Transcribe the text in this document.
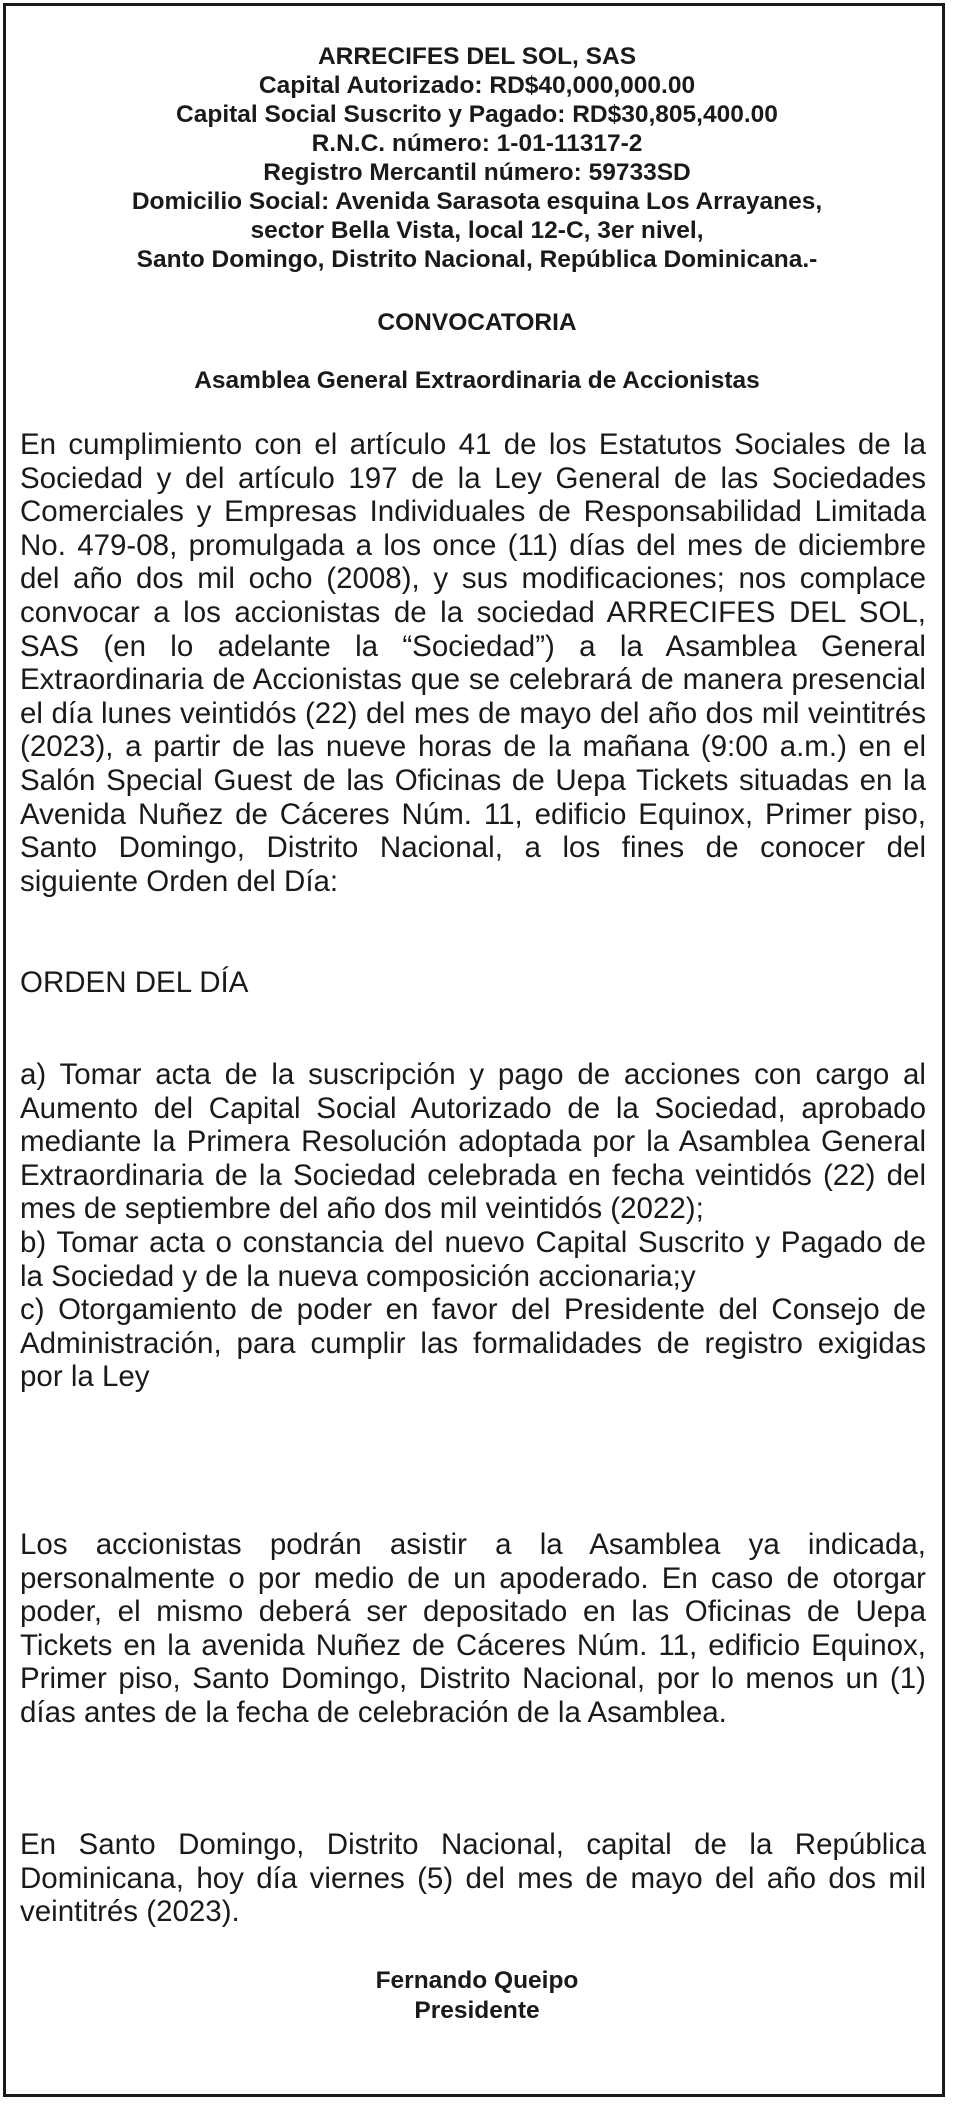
ARRECIFES DEL SOL, SAS
Capital Autorizado: RD$40,000,000.00
Capital Social Suscrito y Pagado: RD$30,805,400.00
R.N.C. número: 1-01-11317-2
Registro Mercantil número: 59733SD
Domicilio Social: Avenida Sarasota esquina Los Arrayanes,
sector Bella Vista, local 12-C, 3er nivel,
Santo Domingo, Distrito Nacional, República Dominicana.-
CONVOCATORIA
Asamblea General Extraordinaria de Accionistas

En cumplimiento con el artículo 41 de los Estatutos Sociales de la Sociedad y del artículo 197 de la Ley General de las Sociedades Comerciales y Empresas Individuales de Responsabilidad Limitada No. 479-08, promulgada a los once (11) días del mes de diciembre del año dos mil ocho (2008), y sus modificaciones; nos complace convocar a los accionistas de la sociedad ARRECIFES DEL SOL, SAS (en lo adelante la “Sociedad”) a la Asamblea General Extraordinaria de Accionistas que se celebrará de manera presencial el día lunes veintidós (22) del mes de mayo del año dos mil veintitrés (2023), a partir de las nueve horas de la mañana (9:00 a.m.) en el Salón Special Guest de las Oficinas de Uepa Tickets situadas en la Avenida Nuñez de Cáceres Núm. 11, edificio Equinox, Primer piso, Santo Domingo, Distrito Nacional, a los fines de conocer del siguiente Orden del Día:

ORDEN DEL DÍA

a) Tomar acta de la suscripción y pago de acciones con cargo al Aumento del Capital Social Autorizado de la Sociedad, aprobado mediante la Primera Resolución adoptada por la Asamblea General Extraordinaria de la Sociedad celebrada en fecha veintidós (22) del mes de septiembre del año dos mil veintidós (2022);
b) Tomar acta o constancia del nuevo Capital Suscrito y Pagado de la Sociedad y de la nueva composición accionaria;y
c) Otorgamiento de poder en favor del Presidente del Consejo de Administración, para cumplir las formalidades de registro exigidas por la Ley

Los accionistas podrán asistir a la Asamblea ya indicada, personalmente o por medio de un apoderado. En caso de otorgar poder, el mismo deberá ser depositado en las Oficinas de Uepa Tickets en la avenida Nuñez de Cáceres Núm. 11, edificio Equinox, Primer piso, Santo Domingo, Distrito Nacional, por lo menos un (1) días antes de la fecha de celebración de la Asamblea.

En Santo Domingo, Distrito Nacional, capital de la República Dominicana, hoy día viernes (5) del mes de mayo del año dos mil veintitrés (2023).

Fernando Queipo
Presidente
